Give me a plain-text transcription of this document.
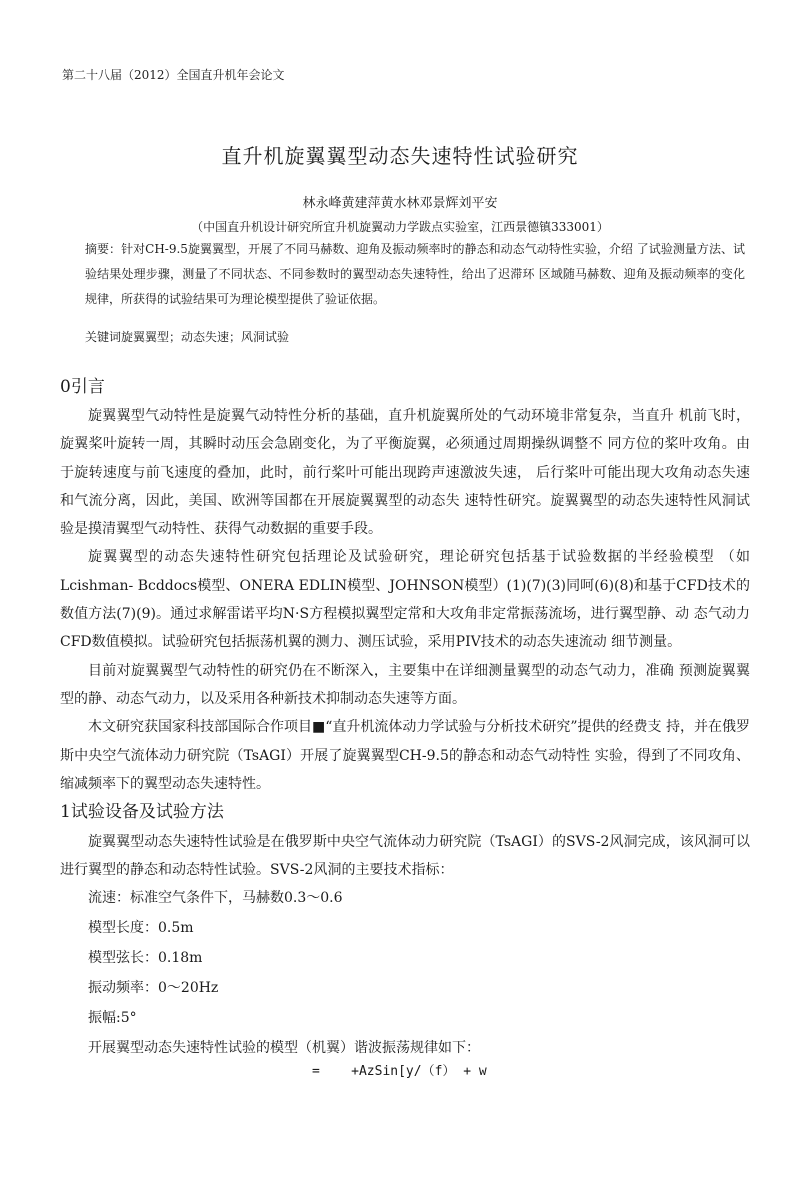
第二十八届（2012）全国直升机年会论文
直升机旋翼翼型动态失速特性试验研究
林永峰黄建萍黄水林邓景辉刘平安
（中国直升机设计研究所宜升机旋翼动力学跋点实验室，江西景德镇333001）
摘要：针对CH-9.5旋翼翼型，开展了不同马赫数、迎角及振动频率时的静态和动态气动特性实验，介绍 了试验测量方法、试验结果处理步骤，测量了不同状态、不同参数时的翼型动态失速特性，给出了迟滞环 区域随马赫数、迎角及振动频率的变化规律，所获得的试验结果可为理论模型提供了验证依据。
关键词旋翼翼型；动态失速；风洞试验
0引言

旋翼翼型气动特性是旋翼气动特性分析的基础，直升机旋翼所处的气动环境非常复杂，当直升 机前飞时，旋翼桨叶旋转一周，其瞬时动压会急剧变化，为了平衡旋翼，必须通过周期操纵调整不 同方位的桨叶攻角。由于旋转速度与前飞速度的叠加，此时，前行桨叶可能出现跨声速激波失速， 后行桨叶可能出现大攻角动态失速和气流分离，因此，美国、欧洲等国都在开展旋翼翼型的动态失 速特性研究。旋翼翼型的动态失速特性风洞试验是摸清翼型气动特性、获得气动数据的重要手段。

旋翼翼型的动态失速特性研究包括理论及试验研究，理论研究包括基于试验数据的半经验模型 （如Lcishman- Bcddocs模型、ONERA EDLIN模型、JOHNSON模型）(1)(7)(3)同呵(6)(8)和基于CFD技术的 数值方法(7)(9)。通过求解雷诺平均N·S方程模拟翼型定常和大攻角非定常振荡流场，进行翼型静、动 态气动力CFD数值模拟。试验研究包括振荡机翼的测力、测压试验，采用PIV技术的动态失速流动 细节测量。

目前对旋翼翼型气动特性的研究仍在不断深入，主要集中在详细测量翼型的动态气动力，准确 预测旋翼翼型的静、动态气动力，以及采用各种新技术抑制动态失速等方面。

木文研究获国家科技部国际合作项目■“直升机流体动力学试验与分析技术研究”提供的经费支 持，并在俄罗斯中央空气流体动力研究院（TsAGI）开展了旋翼翼型CH-9.5的静态和动态气动特性 实验，得到了不同攻角、缩减频率下的翼型动态失速特性。

1试验设备及试验方法

旋翼翼型动态失速特性试验是在俄罗斯中央空气流体动力研究院（TsAGI）的SVS-2风洞完成，该风洞可以进行翼型的静态和动态特性试验。SVS-2风洞的主要技术指标：

流速：标准空气条件下，马赫数0.3～0.6
模型长度：0.5m
模型弦长：0.18m
振动频率：0～20Hz
振幅:5°
开展翼型动态失速特性试验的模型（机翼）谐波振荡规律如下：
=    +AzSin[y/（f） + w
